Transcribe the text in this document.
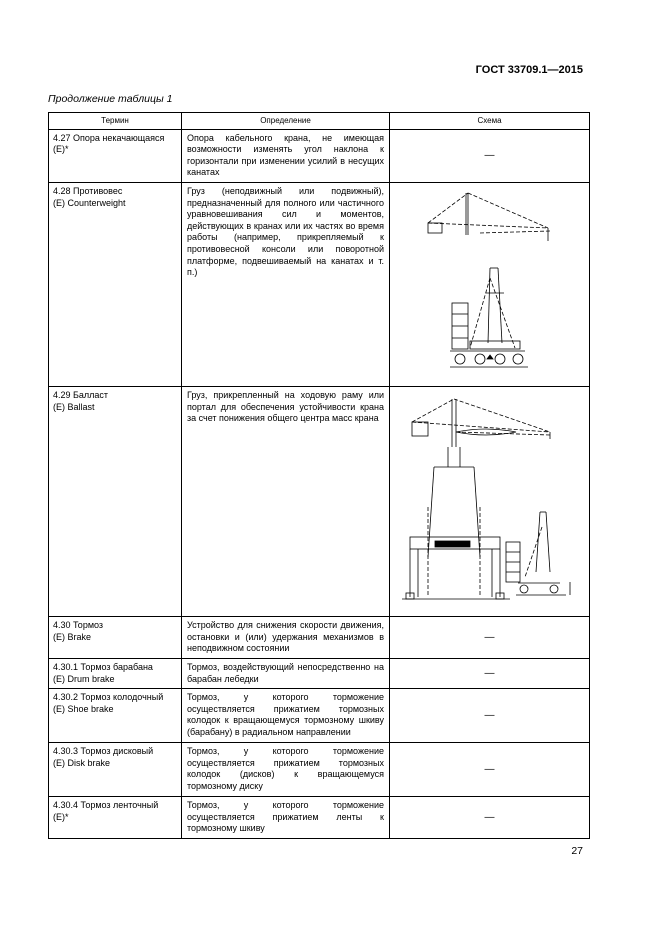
ГОСТ 33709.1—2015
Продолжение таблицы 1
Термин	Определение	Схема

4.27 Опора некачающаяся
(E)*	Опора кабельного крана, не имеющая возможности изменять угол наклона к горизонтали при изменении усилий в несущих канатах	—

4.28 Противовес
(E) Counterweight	Груз (неподвижный или подвижный), предназначенный для полного или частичного уравновешивания сил и моментов, действующих в кранах или их частях во время работы (например, прикрепляемый к противовесной консоли или поворотной платформе, подвешиваемый на канатах и т. п.)	

4.29 Балласт
(E) Ballast	Груз, прикрепленный на ходовую раму или портал для обеспечения устойчивости крана за счет понижения общего центра масс крана	

4.30 Тормоз
(E) Brake	Устройство для снижения скорости движения, остановки и (или) удержания механизмов в неподвижном состоянии	—

4.30.1 Тормоз барабана
(E) Drum brake	Тормоз, воздействующий непосредственно на барабан лебедки	—

4.30.2 Тормоз колодочный
(E) Shoe brake	Тормоз, у которого торможение осуществляется прижатием тормозных колодок к вращающемуся тормозному шкиву (барабану) в радиальном направлении	—

4.30.3 Тормоз дисковый
(E) Disk brake	Тормоз, у которого торможение осуществляется прижатием тормозных колодок (дисков) к вращающемуся тормозному диску	—

4.30.4 Тормоз ленточный
(E)*	Тормоз, у которого торможение осуществляется прижатием ленты к тормозному шкиву	—
27
